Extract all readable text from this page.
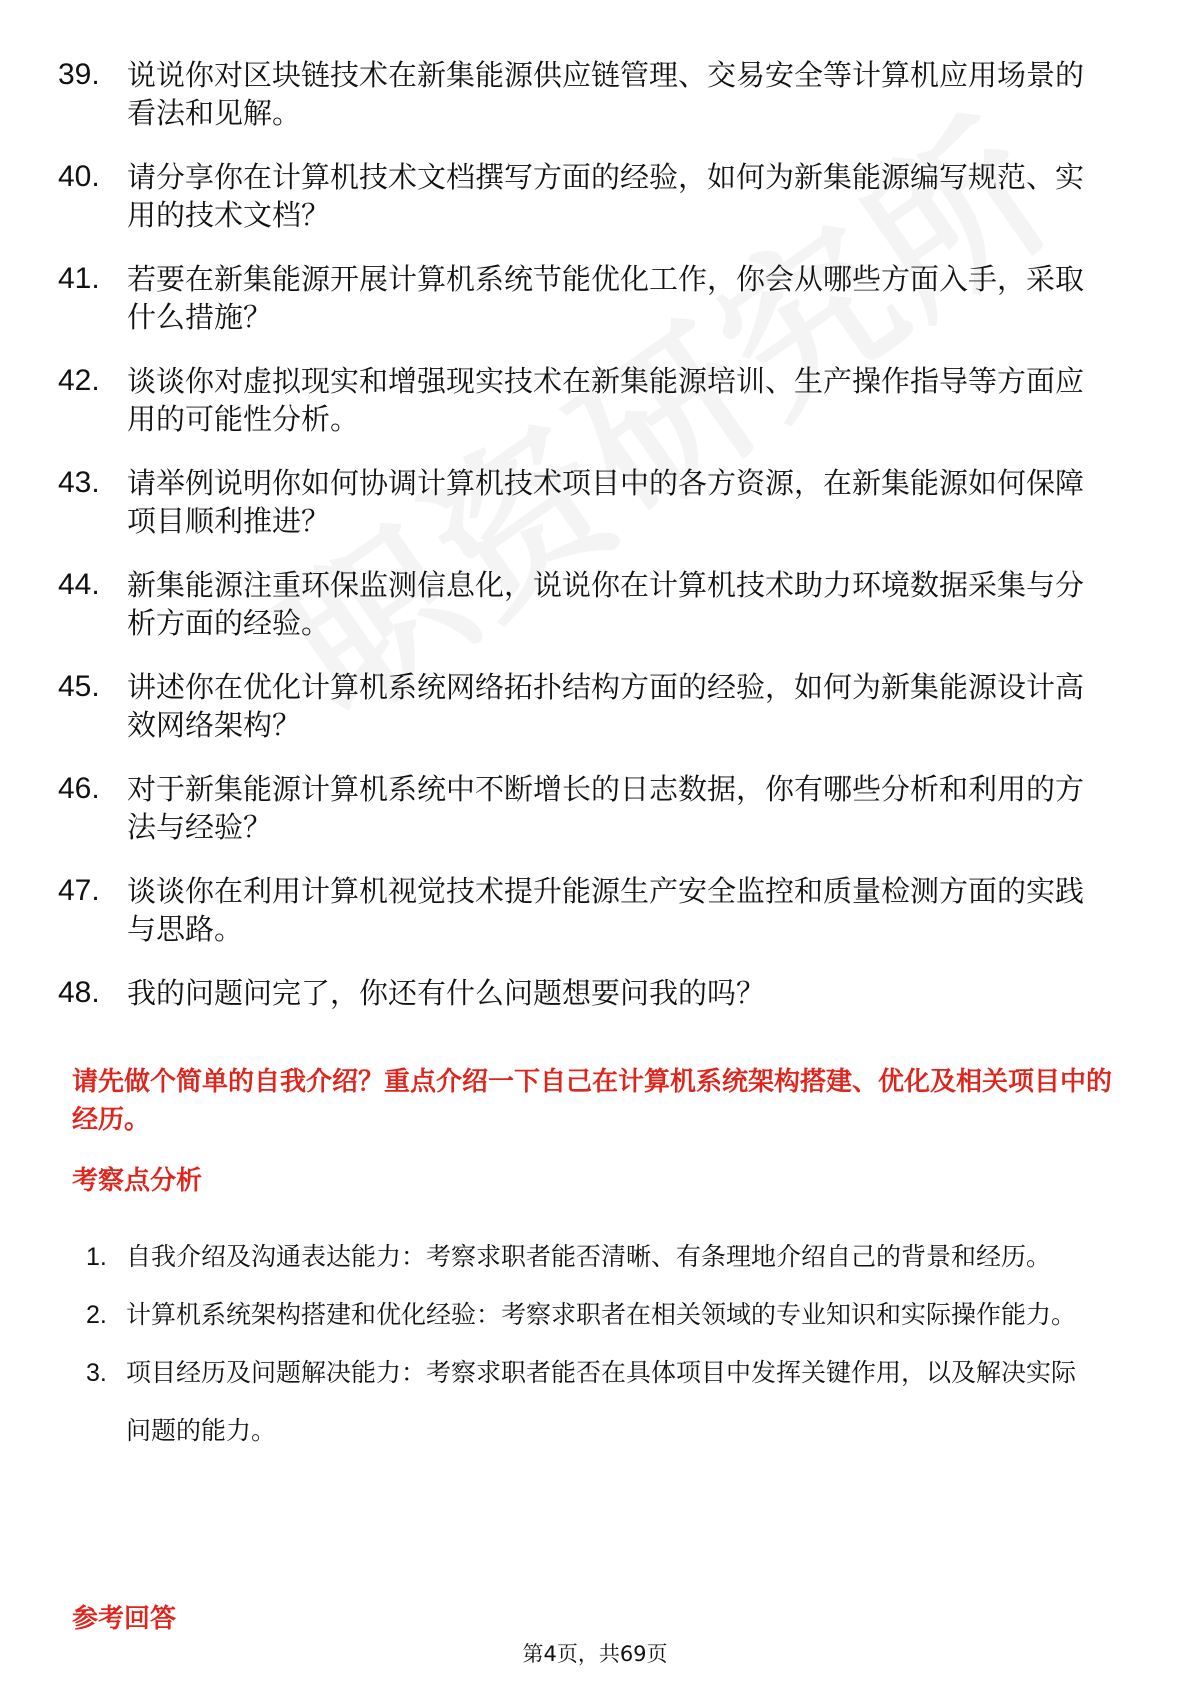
39. 说说你对区块链技术在新集能源供应链管理、交易安全等计算机应用场景的看法和见解。
40. 请分享你在计算机技术文档撰写方面的经验，如何为新集能源编写规范、实用的技术文档？
41. 若要在新集能源开展计算机系统节能优化工作，你会从哪些方面入手，采取什么措施？
42. 谈谈你对虚拟现实和增强现实技术在新集能源培训、生产操作指导等方面应用的可能性分析。
43. 请举例说明你如何协调计算机技术项目中的各方资源，在新集能源如何保障项目顺利推进？
44. 新集能源注重环保监测信息化，说说你在计算机技术助力环境数据采集与分析方面的经验。
45. 讲述你在优化计算机系统网络拓扑结构方面的经验，如何为新集能源设计高效网络架构？
46. 对于新集能源计算机系统中不断增长的日志数据，你有哪些分析和利用的方法与经验？
47. 谈谈你在利用计算机视觉技术提升能源生产安全监控和质量检测方面的实践与思路。
48. 我的问题问完了，你还有什么问题想要问我的吗？
请先做个简单的自我介绍？重点介绍一下自己在计算机系统架构搭建、优化及相关项目中的经历。
考察点分析
1. 自我介绍及沟通表达能力：考察求职者能否清晰、有条理地介绍自己的背景和经历。
2. 计算机系统架构搭建和优化经验：考察求职者在相关领域的专业知识和实际操作能力。
3. 项目经历及问题解决能力：考察求职者能否在具体项目中发挥关键作用，以及解决实际问题的能力。
参考回答
第4页，共69页
